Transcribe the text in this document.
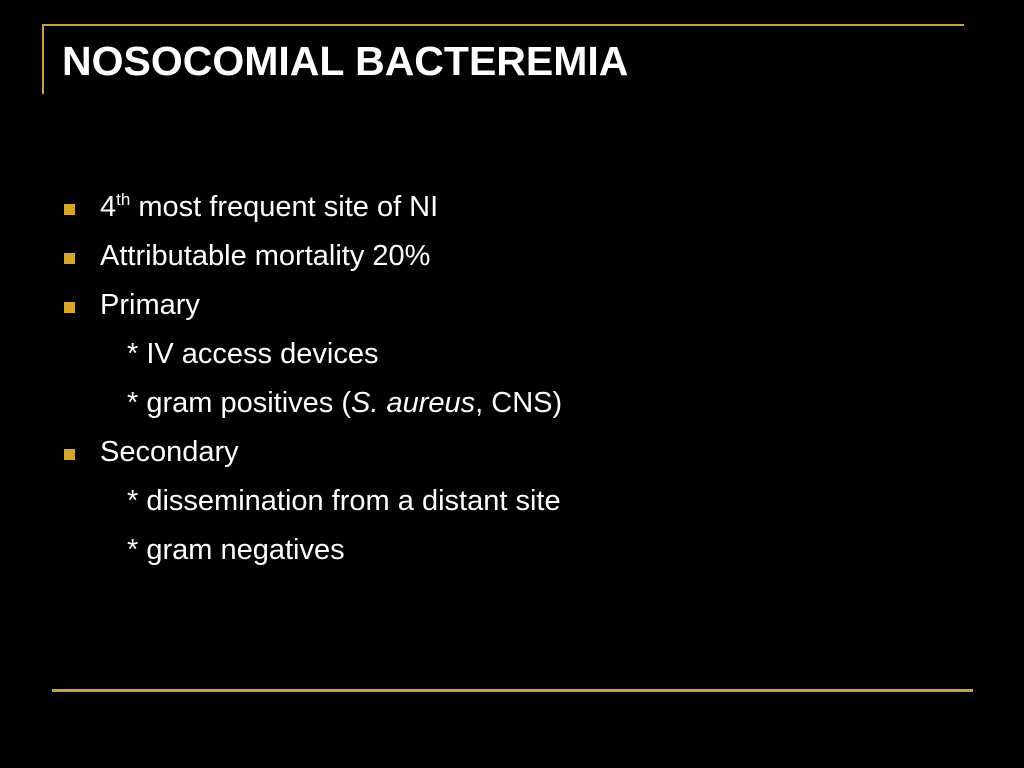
NOSOCOMIAL BACTEREMIA
4th most frequent site of NI
Attributable mortality 20%
Primary
* IV access devices
* gram positives (S. aureus, CNS)
Secondary
* dissemination from a distant site
* gram negatives
